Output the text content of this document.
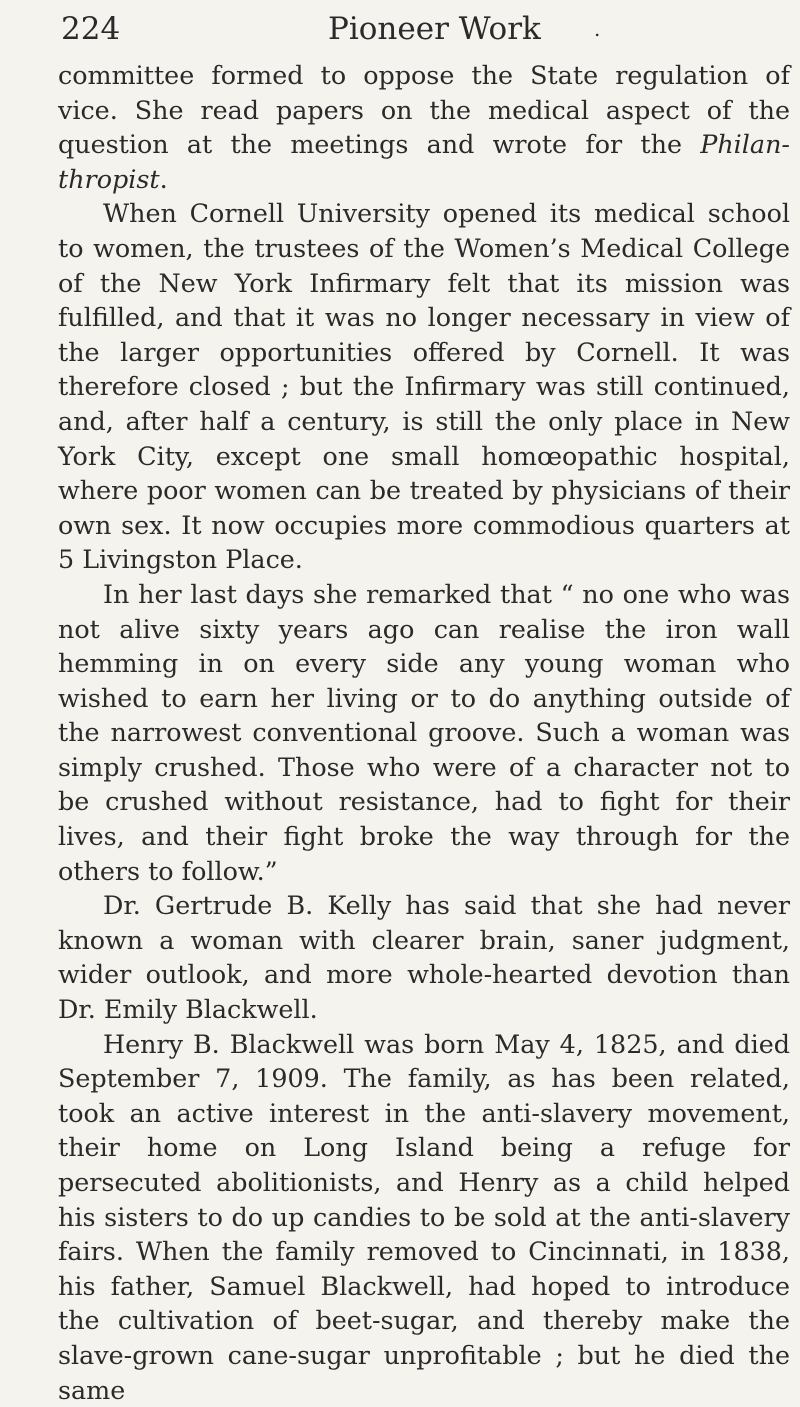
224	Pioneer Work	.

committee formed to oppose the State regulation of vice. She read papers on the medical aspect of the question at the meetings and wrote for the Philan-thropist.

When Cornell University opened its medical school to women, the trustees of the Women’s Medical College of the New York Infirmary felt that its mission was fulfilled, and that it was no longer necessary in view of the larger opportunities offered by Cornell. It was therefore closed ; but the Infirmary was still continued, and, after half a century, is still the only place in New York City, except one small homœopathic hospital, where poor women can be treated by physicians of their own sex. It now occupies more commodious quarters at 5 Livingston Place.

In her last days she remarked that “ no one who was not alive sixty years ago can realise the iron wall hemming in on every side any young woman who wished to earn her living or to do anything outside of the narrowest conventional groove. Such a woman was simply crushed. Those who were of a character not to be crushed without resistance, had to fight for their lives, and their fight broke the way through for the others to follow.”

Dr. Gertrude B. Kelly has said that she had never known a woman with clearer brain, saner judgment, wider outlook, and more whole-hearted devotion than Dr. Emily Blackwell.

Henry B. Blackwell was born May 4, 1825, and died September 7, 1909. The family, as has been related, took an active interest in the anti-slavery movement, their home on Long Island being a refuge for persecuted abolitionists, and Henry as a child helped his sisters to do up candies to be sold at the anti-slavery fairs. When the family removed to Cincinnati, in 1838, his father, Samuel Blackwell, had hoped to introduce the cultivation of beet-sugar, and thereby make the slave-grown cane-sugar unprofitable ; but he died the same
